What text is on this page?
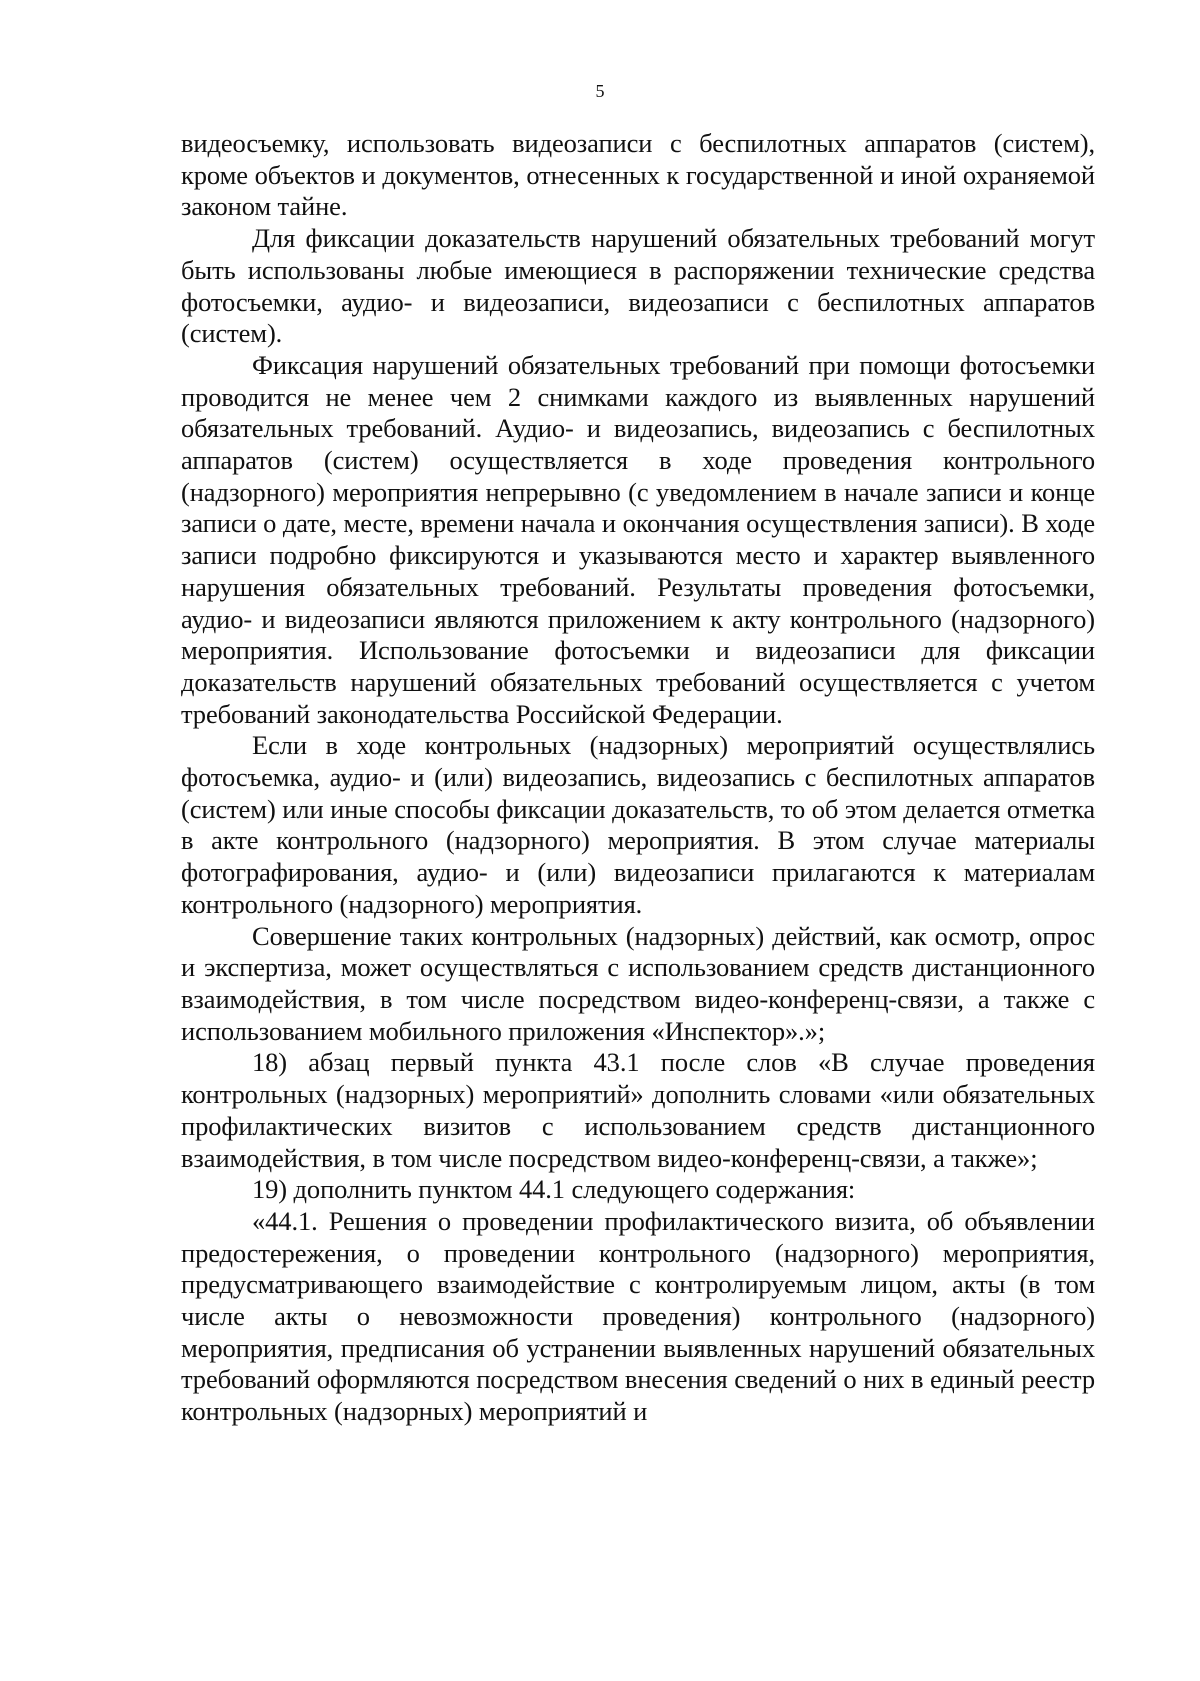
5

видеосъемку, использовать видеозаписи с беспилотных аппаратов (систем), кроме объектов и документов, отнесенных к государственной и иной охраняемой законом тайне.

Для фиксации доказательств нарушений обязательных требований могут быть использованы любые имеющиеся в распоряжении технические средства фотосъемки, аудио- и видеозаписи, видеозаписи с беспилотных аппаратов (систем).

Фиксация нарушений обязательных требований при помощи фотосъемки проводится не менее чем 2 снимками каждого из выявленных нарушений обязательных требований. Аудио- и видеозапись, видеозапись с беспилотных аппаратов (систем) осуществляется в ходе проведения контрольного (надзорного) мероприятия непрерывно (с уведомлением в начале записи и конце записи о дате, месте, времени начала и окончания осуществления записи). В ходе записи подробно фиксируются и указываются место и характер выявленного нарушения обязательных требований. Результаты проведения фотосъемки, аудио- и видеозаписи являются приложением к акту контрольного (надзорного) мероприятия. Использование фотосъемки и видеозаписи для фиксации доказательств нарушений обязательных требований осуществляется с учетом требований законодательства Российской Федерации.

Если в ходе контрольных (надзорных) мероприятий осуществлялись фотосъемка, аудио- и (или) видеозапись, видеозапись с беспилотных аппаратов (систем) или иные способы фиксации доказательств, то об этом делается отметка в акте контрольного (надзорного) мероприятия. В этом случае материалы фотографирования, аудио- и (или) видеозаписи прилагаются к материалам контрольного (надзорного) мероприятия.

Совершение таких контрольных (надзорных) действий, как осмотр, опрос и экспертиза, может осуществляться с использованием средств дистанционного взаимодействия, в том числе посредством видео-конференц-связи, а также с использованием мобильного приложения «Инспектор».»;

18) абзац первый пункта 43.1 после слов «В случае проведения контрольных (надзорных) мероприятий» дополнить словами «или обязательных профилактических визитов с использованием средств дистанционного взаимодействия, в том числе посредством видео-конференц-связи, а также»;

19) дополнить пунктом 44.1 следующего содержания:

«44.1. Решения о проведении профилактического визита, об объявлении предостережения, о проведении контрольного (надзорного) мероприятия, предусматривающего взаимодействие с контролируемым лицом, акты (в том числе акты о невозможности проведения) контрольного (надзорного) мероприятия, предписания об устранении выявленных нарушений обязательных требований оформляются посредством внесения сведений о них в единый реестр контрольных (надзорных) мероприятий и
